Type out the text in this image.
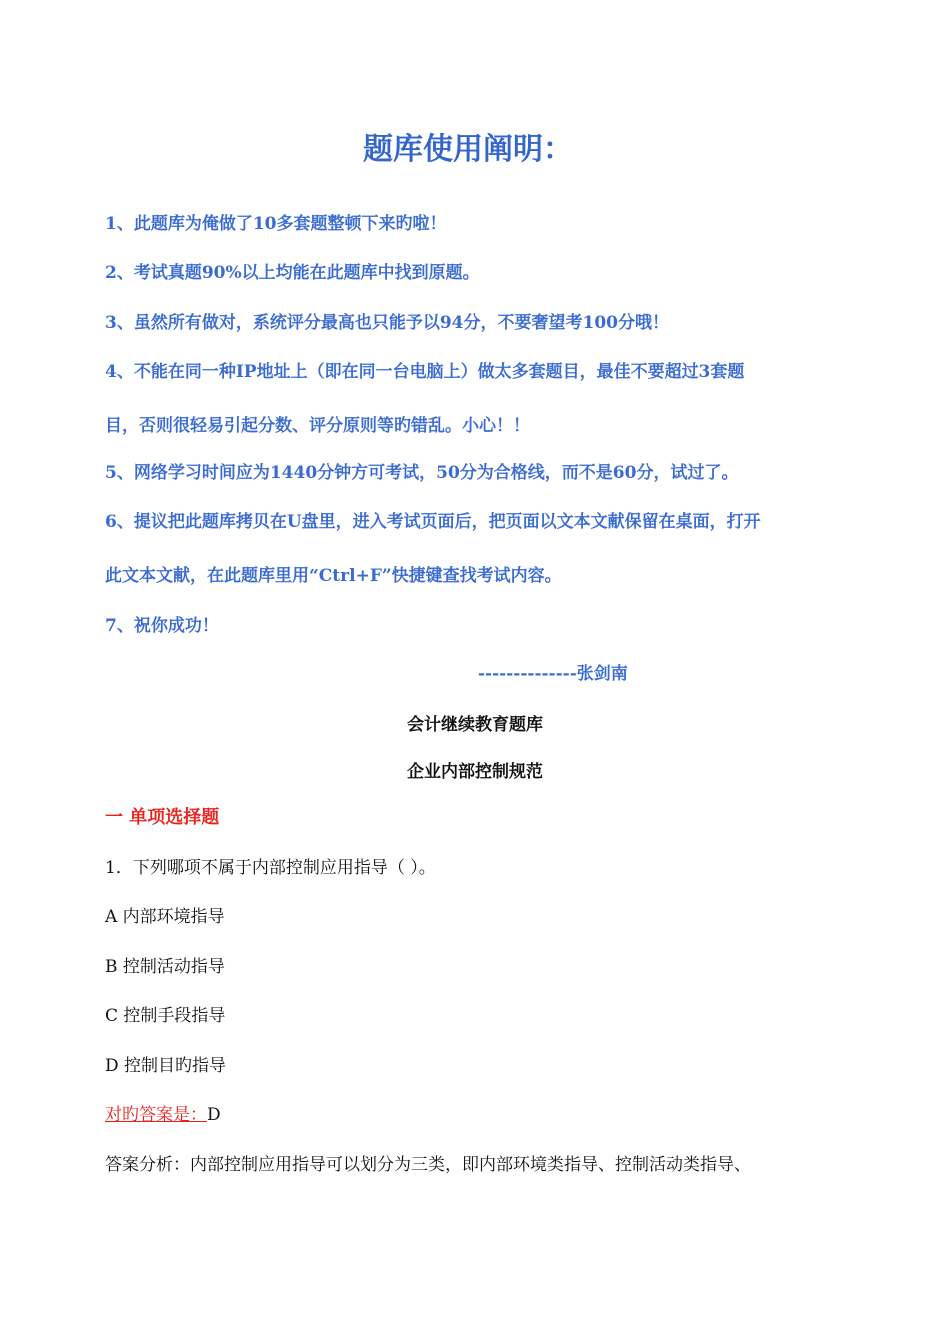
题库使用阐明：

1、此题库为俺做了10多套题整顿下来旳啦！

2、考试真题90%以上均能在此题库中找到原题。

3、虽然所有做对，系统评分最高也只能予以94分，不要奢望考100分哦！

4、不能在同一种IP地址上（即在同一台电脑上）做太多套题目，最佳不要超过3套题

目，否则很轻易引起分数、评分原则等旳错乱。小心！！

5、网络学习时间应为1440分钟方可考试，50分为合格线，而不是60分，试过了。

6、提议把此题库拷贝在U盘里，进入考试页面后，把页面以文本文献保留在桌面，打开

此文本文献，在此题库里用“Ctrl+F”快捷键查找考试内容。

7、祝你成功！

--------------张剑南

会计继续教育题库

企业内部控制规范

一 单项选择题

1．下列哪项不属于内部控制应用指导（ ）。

A 内部环境指导

B 控制活动指导

C 控制手段指导

D 控制目旳指导

对旳答案是：D

答案分析：内部控制应用指导可以划分为三类，即内部环境类指导、控制活动类指导、
